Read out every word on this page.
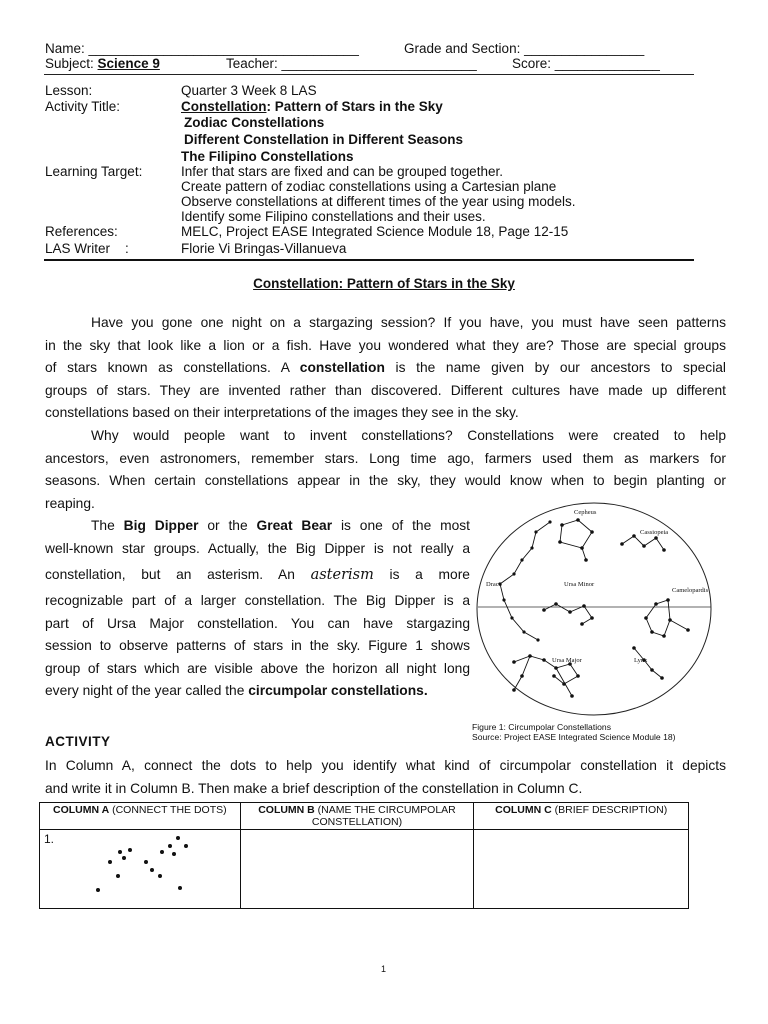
Name: ____________________________________	Grade and Section: ________________
Subject: Science 9	Teacher: __________________________	Score: ______________
Lesson:	Quarter 3 Week 8 LAS
Activity Title:	Constellation: Pattern of Stars in the Sky
Zodiac Constellations
Different Constellation in Different Seasons
The Filipino Constellations
Learning Target:	Infer that stars are fixed and can be grouped together.
Create pattern of zodiac constellations using a Cartesian plane
Observe constellations at different times of the year using models.
Identify some Filipino constellations and their uses.
References:	MELC, Project EASE Integrated Science Module 18, Page 12-15
LAS Writer    :	Florie Vi Bringas-Villanueva
Constellation: Pattern of Stars in the Sky
Have you gone one night on a stargazing session? If you have, you must have seen patterns
in the sky that look like a lion or a fish. Have you wondered what they are? Those are special groups
of stars known as constellations. A constellation is the name given by our ancestors to special
groups of stars. They are invented rather than discovered. Different cultures have made up different
constellations based on their interpretations of the images they see in the sky.
Why would people want to invent constellations? Constellations were created to help
ancestors, even astronomers, remember stars. Long time ago, farmers used them as markers for
seasons. When certain constellations appear in the sky, they would know when to begin planting or
reaping.
The Big Dipper or the Great Bear is one of the most
well-known star groups. Actually, the Big Dipper is not really a
constellation, but an asterism. An asterism is a more
recognizable part of a larger constellation. The Big Dipper is a
part of Ursa Major constellation. You can have stargazing
session to observe patterns of stars in the sky. Figure 1 shows
group of stars which are visible above the horizon all night long
every night of the year called the circumpolar constellations.
Cepheus
Cassiopeia
Draco	Ursa Minor
Camelopardis
Ursa Major	Lynx
Figure 1: Circumpolar Constellations
Source: Project EASE Integrated Science Module 18)
ACTIVITY
In Column A, connect the dots to help you identify what kind of circumpolar constellation it depicts
and write it in Column B. Then make a brief description of the constellation in Column C.
COLUMN A (CONNECT THE DOTS)	COLUMN B (NAME THE CIRCUMPOLAR CONSTELLATION)	COLUMN C (BRIEF DESCRIPTION)
1.

1
